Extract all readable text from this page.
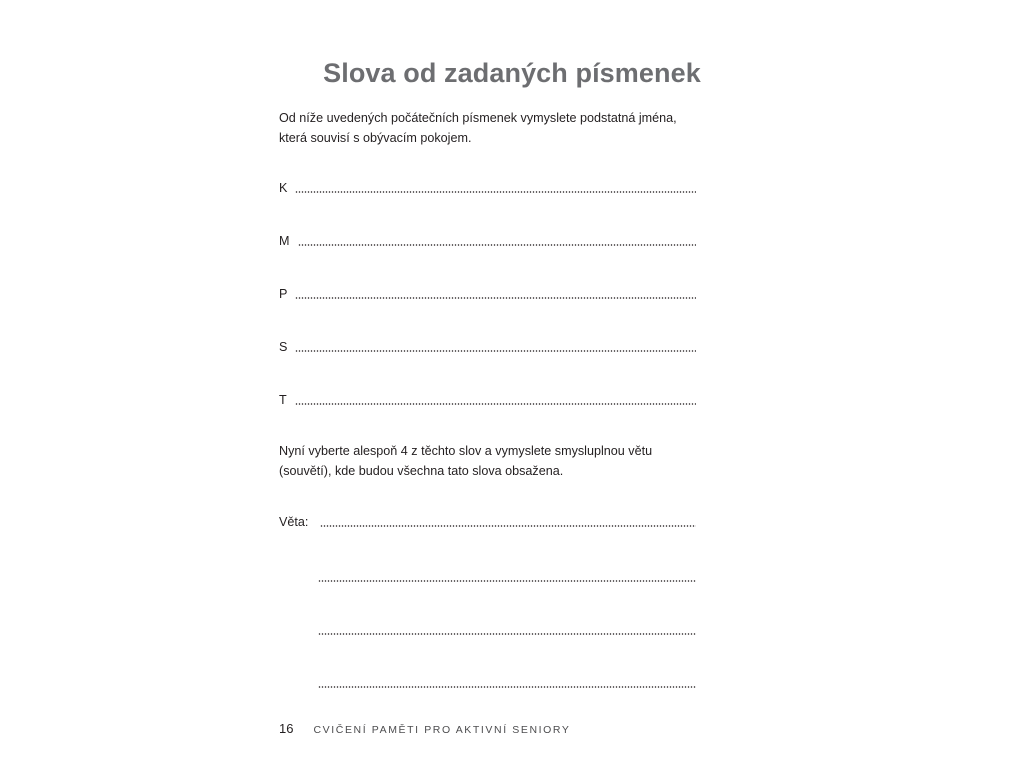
Slova od zadaných písmenek
Od níže uvedených počátečních písmenek vymyslete podstatná jména, která souvisí s obývacím pokojem.
K
M
P
S
T
Nyní vyberte alespoň 4 z těchto slov a vymyslete smysluplnou větu (souvětí), kde budou všechna tato slova obsažena.
Věta:
16 CVIČENÍ PAMĚTI PRO AKTIVNÍ SENIORY
